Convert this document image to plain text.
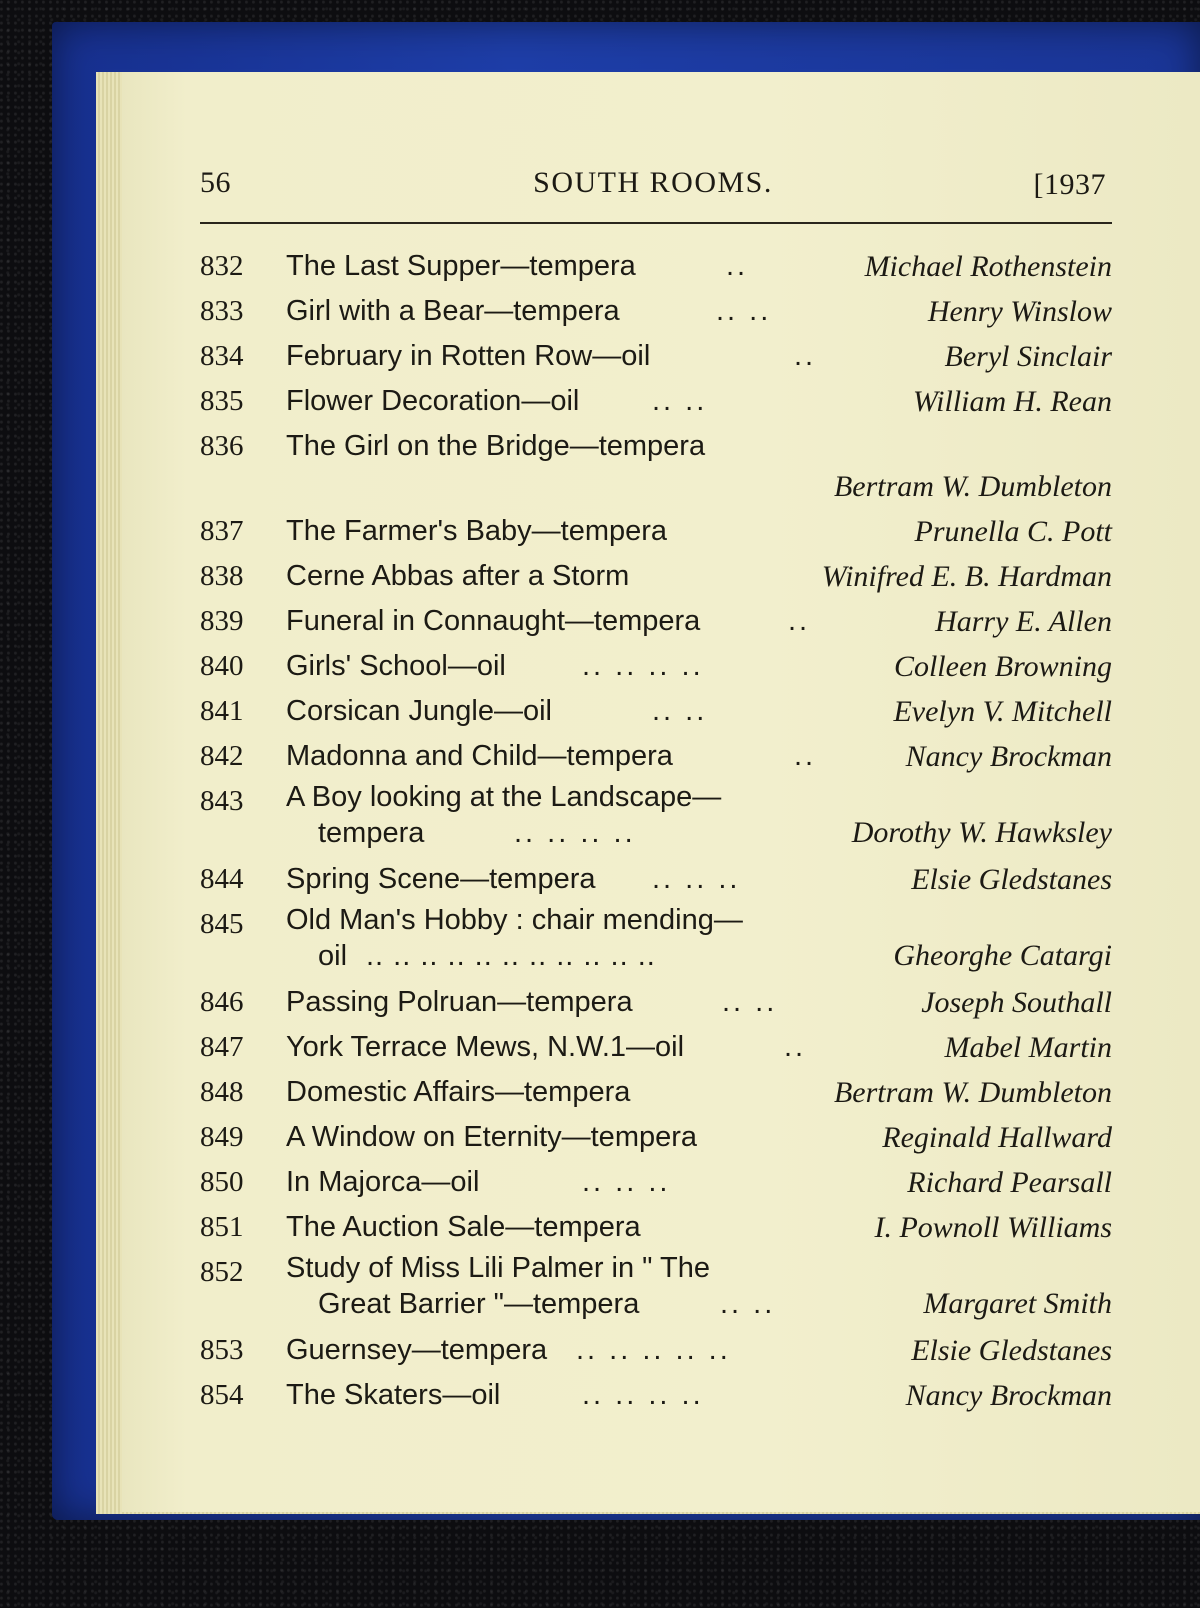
56	SOUTH ROOMS.	[1937
832	The Last Supper—tempera	..	Michael Rothenstein
833	Girl with a Bear—tempera	.. ..	Henry Winslow
834	February in Rotten Row—oil	..	Beryl Sinclair
835	Flower Decoration—oil	.. ..	William H. Rean
836	The Girl on the Bridge—tempera
Bertram W. Dumbleton
837	The Farmer's Baby—tempera	Prunella C. Pott
838	Cerne Abbas after a Storm	Winifred E. B. Hardman
839	Funeral in Connaught—tempera	..	Harry E. Allen
840	Girls' School—oil	.. .. .. ..	Colleen Browning
841	Corsican Jungle—oil	.. ..	Evelyn V. Mitchell
842	Madonna and Child—tempera	..	Nancy Brockman
843	A Boy looking at the Landscape—
tempera	.. .. .. ..	Dorothy W. Hawksley
844	Spring Scene—tempera .. .. ..	Elsie Gledstanes
845	Old Man's Hobby : chair mending—
oil .. .. .. .. .. .. .. .. .. .. ..	Gheorghe Catargi
846	Passing Polruan—tempera	.. ..	Joseph Southall
847	York Terrace Mews, N.W.1—oil	..	Mabel Martin
848	Domestic Affairs—tempera	Bertram W. Dumbleton
849	A Window on Eternity—tempera	Reginald Hallward
850	In Majorca—oil	.. .. ..	Richard Pearsall
851	The Auction Sale—tempera	I. Pownoll Williams
852	Study of Miss Lili Palmer in " The
Great Barrier "—tempera	.. ..	Margaret Smith
853	Guernsey—tempera .. .. .. .. ..	Elsie Gledstanes
854	The Skaters—oil	.. .. .. ..	Nancy Brockman
